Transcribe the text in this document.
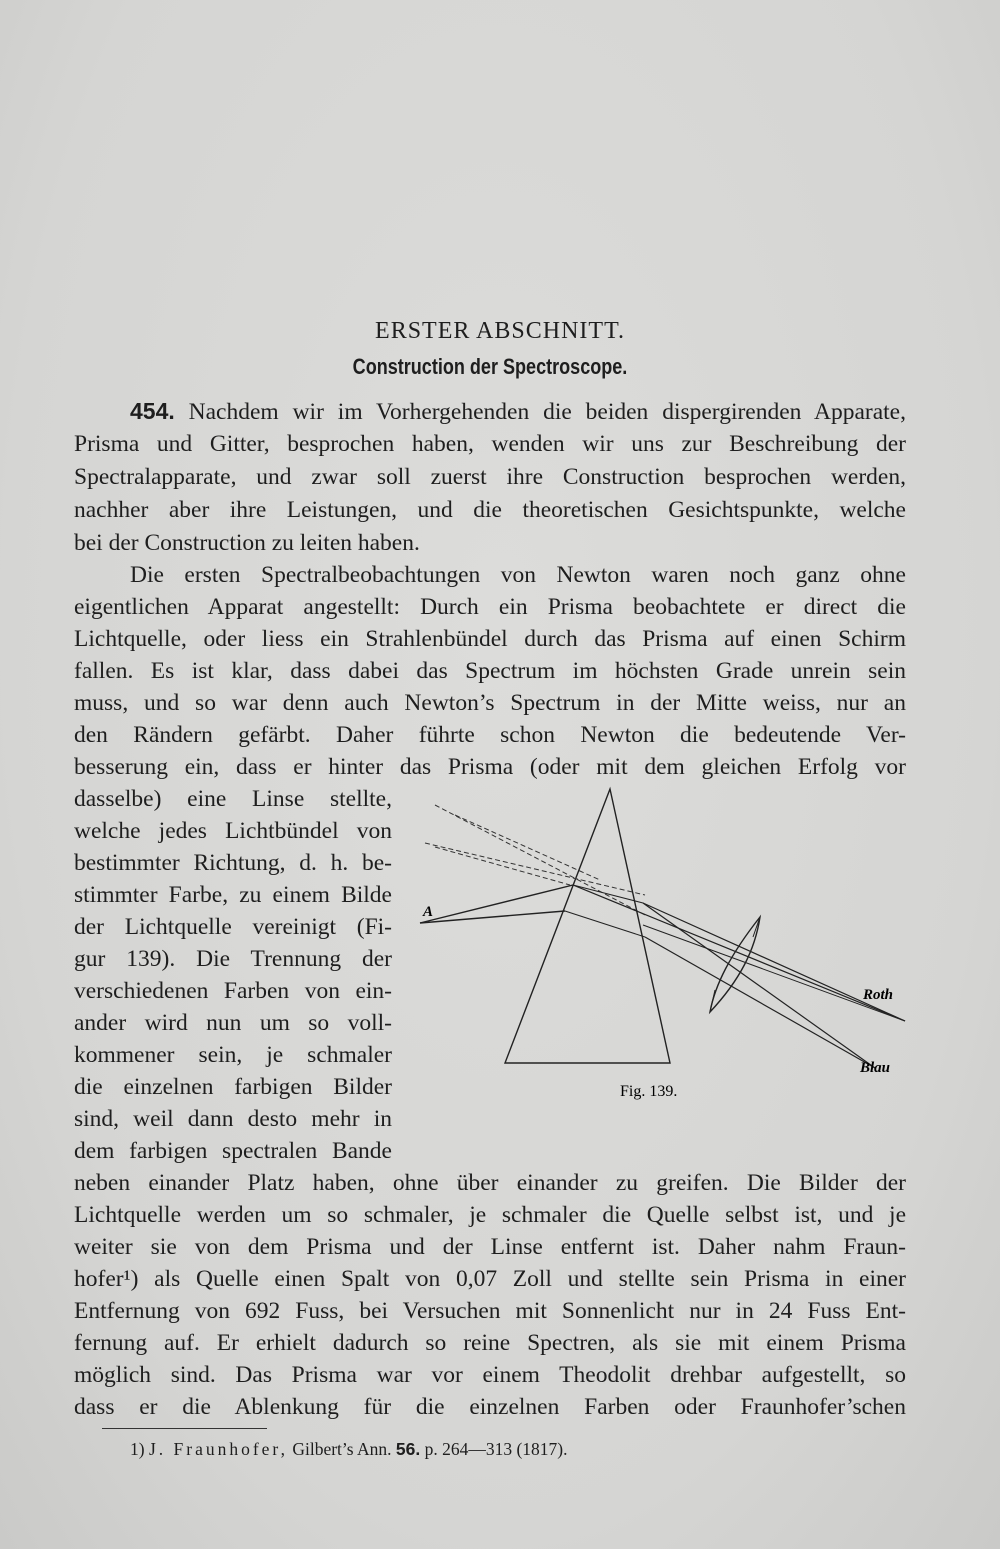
ERSTER ABSCHNITT.
Construction der Spectroscope.
454. Nachdem wir im Vorhergehenden die beiden dispergirenden Apparate,
Prisma und Gitter, besprochen haben, wenden wir uns zur Beschreibung der
Spectralapparate, und zwar soll zuerst ihre Construction besprochen werden,
nachher aber ihre Leistungen, und die theoretischen Gesichtspunkte, welche
bei der Construction zu leiten haben.
Die ersten Spectralbeobachtungen von Newton waren noch ganz ohne
eigentlichen Apparat angestellt: Durch ein Prisma beobachtete er direct die
Lichtquelle, oder liess ein Strahlenbündel durch das Prisma auf einen Schirm
fallen. Es ist klar, dass dabei das Spectrum im höchsten Grade unrein sein
muss, und so war denn auch Newton’s Spectrum in der Mitte weiss, nur an
den Rändern gefärbt. Daher führte schon Newton die bedeutende Ver-
besserung ein, dass er hinter das Prisma (oder mit dem gleichen Erfolg vor
dasselbe) eine Linse stellte,
welche jedes Lichtbündel von
bestimmter Richtung, d. h. be-
stimmter Farbe, zu einem Bilde
der Lichtquelle vereinigt (Fi-
gur 139). Die Trennung der
verschiedenen Farben von ein-
ander wird nun um so voll-
kommener sein, je schmaler
die einzelnen farbigen Bilder
sind, weil dann desto mehr in
dem farbigen spectralen Bande
A
Roth
Blau
Fig. 139.
neben einander Platz haben, ohne über einander zu greifen. Die Bilder der
Lichtquelle werden um so schmaler, je schmaler die Quelle selbst ist, und je
weiter sie von dem Prisma und der Linse entfernt ist. Daher nahm Fraun-
hofer¹) als Quelle einen Spalt von 0,07 Zoll und stellte sein Prisma in einer
Entfernung von 692 Fuss, bei Versuchen mit Sonnenlicht nur in 24 Fuss Ent-
fernung auf. Er erhielt dadurch so reine Spectren, als sie mit einem Prisma
möglich sind. Das Prisma war vor einem Theodolit drehbar aufgestellt, so
dass er die Ablenkung für die einzelnen Farben oder Fraunhofer’schen
1) J. Fraunhofer, Gilbert’s Ann. 56. p. 264—313 (1817).
